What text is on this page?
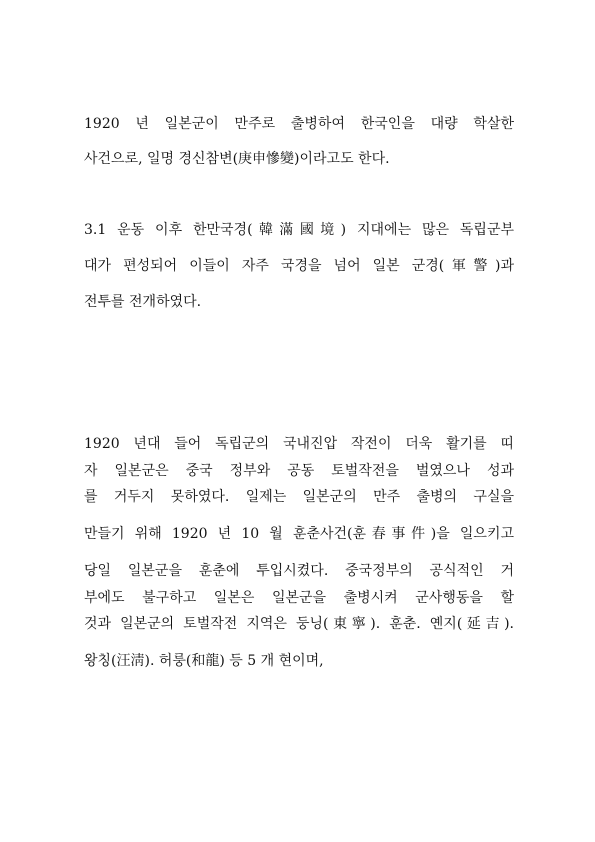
1920 년 일본군이 만주로 출병하여 한국인을 대량 학살한
사건으로, 일명 경신참변(庚申慘變)이라고도 한다.
3.1 운동 이후 한만국경(韓滿國境) 지대에는 많은 독립군부
대가 편성되어 이들이 자주 국경을 넘어 일본 군경(軍警)과
전투를 전개하였다.
1920 년대 들어 독립군의 국내진압 작전이 더욱 활기를 띠
자 일본군은 중국 정부와 공동 토벌작전을 벌였으나 성과
를 거두지 못하였다. 일제는 일본군의 만주 출병의 구실을
만들기 위해 1920 년 10 월 훈춘사건(훈春事件)을 일으키고
당일 일본군을 훈춘에 투입시켰다. 중국정부의 공식적인 거
부에도 불구하고 일본은 일본군을 출병시켜 군사행동을 할
것과 일본군의 토벌작전 지역은 둥닝(東寧). 훈춘. 옌지(延吉).
왕칭(汪淸). 허룽(和龍) 등 5 개 현이며,
